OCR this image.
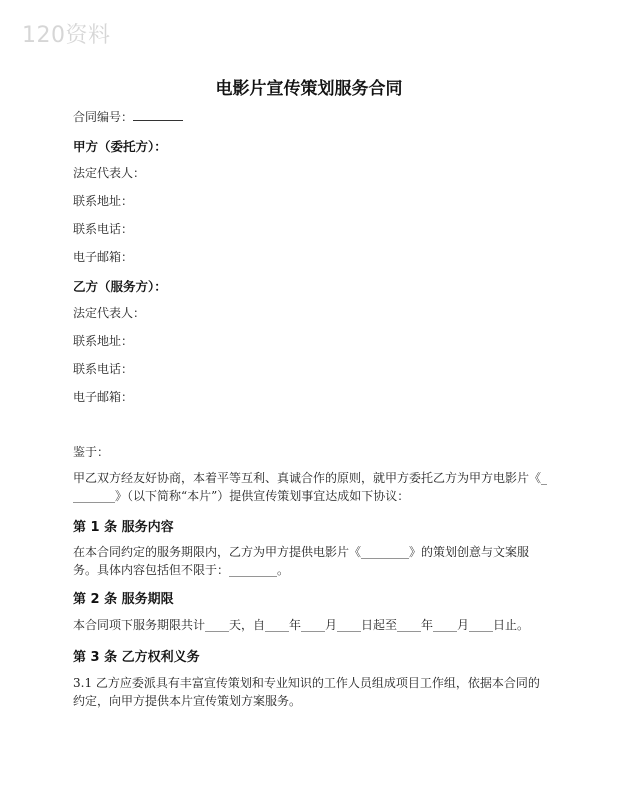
120资料
电影片宣传策划服务合同
合同编号：
甲方（委托方）：
法定代表人：
联系地址：
联系电话：
电子邮箱：
乙方（服务方）：
法定代表人：
联系地址：
联系电话：
电子邮箱：
鉴于：
甲乙双方经友好协商，本着平等互利、真诚合作的原则，就甲方委托乙方为甲方电影片《_
_______》（以下简称“本片”）提供宣传策划事宜达成如下协议：
第 1 条 服务内容
在本合同约定的服务期限内，乙方为甲方提供电影片《________》的策划创意与文案服
务。具体内容包括但不限于：________。
第 2 条 服务期限
本合同项下服务期限共计____天，自____年____月____日起至____年____月____日止。
第 3 条 乙方权利义务
3.1 乙方应委派具有丰富宣传策划和专业知识的工作人员组成项目工作组，依据本合同的
约定，向甲方提供本片宣传策划方案服务。
